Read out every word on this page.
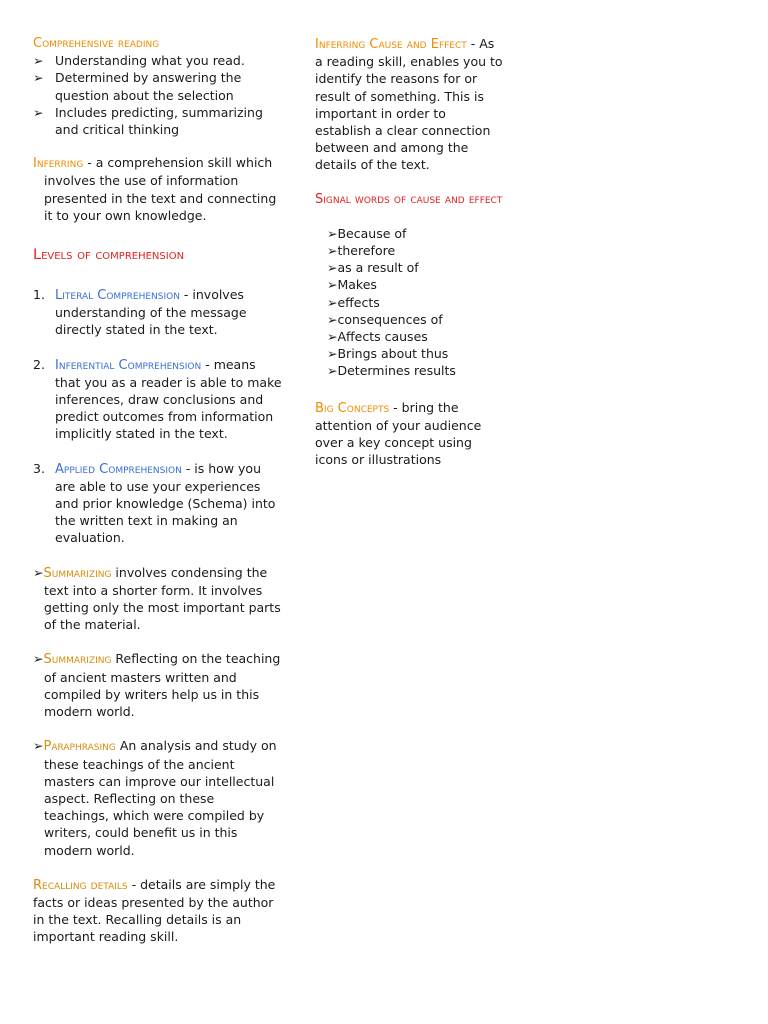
Comprehensive reading
➢ Understanding what you read.
➢ Determined by answering the question about the selection
➢ Includes predicting, summarizing and critical thinking

Inferring - a comprehension skill which involves the use of information presented in the text and connecting it to your own knowledge.

Levels of comprehension
1. Literal Comprehension - involves understanding of the message directly stated in the text.
2. Inferential Comprehension - means that you as a reader is able to make inferences, draw conclusions and predict outcomes from information implicitly stated in the text.
3. Applied Comprehension - is how you are able to use your experiences and prior knowledge (Schema) into the written text in making an evaluation.

➢Summarizing involves condensing the text into a shorter form. It involves getting only the most important parts of the material.

➢Summarizing Reflecting on the teaching of ancient masters written and compiled by writers help us in this modern world.

➢Paraphrasing An analysis and study on these teachings of the ancient masters can improve our intellectual aspect. Reflecting on these teachings, which were compiled by writers, could benefit us in this modern world.

Recalling details - details are simply the facts or ideas presented by the author in the text. Recalling details is an important reading skill.

Inferring Cause and Effect - As a reading skill, enables you to identify the reasons for or result of something. This is important in order to establish a clear connection between and among the details of the text.

Signal words of cause and effect
➢Because of
➢therefore
➢as a result of
➢Makes
➢effects
➢consequences of
➢Affects causes
➢Brings about thus
➢Determines results

Big Concepts - bring the attention of your audience over a key concept using icons or illustrations
